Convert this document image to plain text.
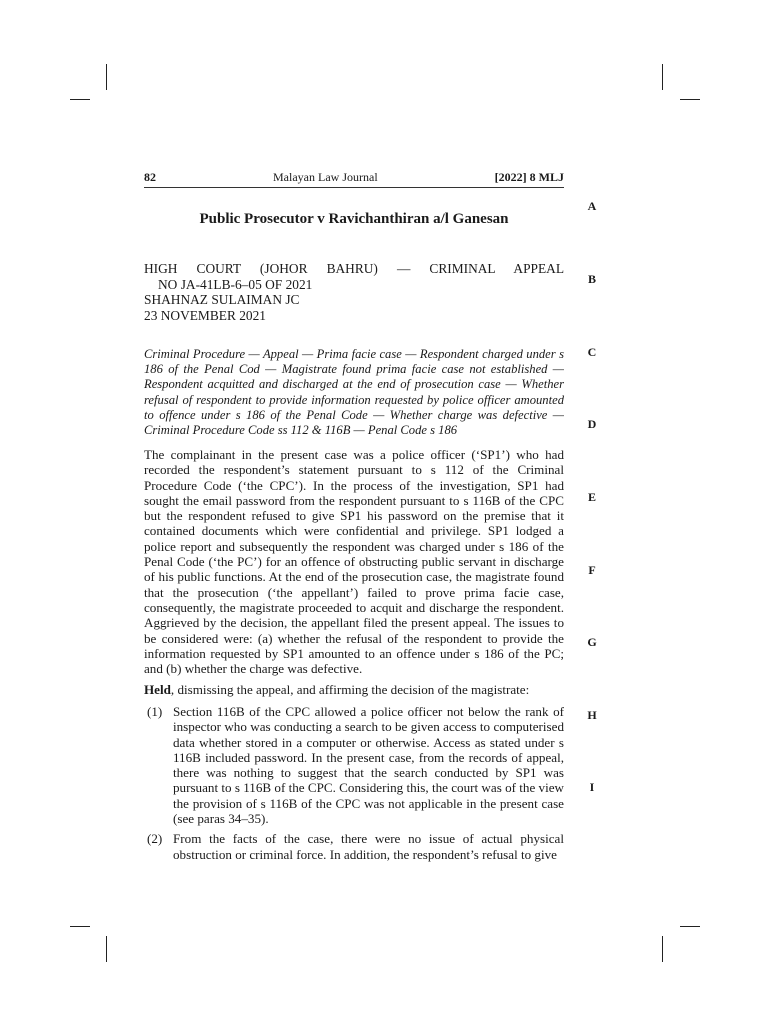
82	Malayan Law Journal	[2022] 8 MLJ
A
B
C
D
E
F
G
H
I
Public Prosecutor v Ravichanthiran a/l Ganesan
HIGH COURT (JOHOR BAHRU) — CRIMINAL APPEAL
NO JA-41LB-6–05 OF 2021
SHAHNAZ SULAIMAN JC
23 NOVEMBER 2021
Criminal Procedure — Appeal — Prima facie case — Respondent charged under s 186 of the Penal Cod — Magistrate found prima facie case not established — Respondent acquitted and discharged at the end of prosecution case — Whether refusal of respondent to provide information requested by police officer amounted to offence under s 186 of the Penal Code — Whether charge was defective — Criminal Procedure Code ss 112 & 116B — Penal Code s 186

The complainant in the present case was a police officer (‘SP1’) who had recorded the respondent’s statement pursuant to s 112 of the Criminal Procedure Code (‘the CPC’). In the process of the investigation, SP1 had sought the email password from the respondent pursuant to s 116B of the CPC but the respondent refused to give SP1 his password on the premise that it contained documents which were confidential and privilege. SP1 lodged a police report and subsequently the respondent was charged under s 186 of the Penal Code (‘the PC’) for an offence of obstructing public servant in discharge of his public functions. At the end of the prosecution case, the magistrate found that the prosecution (‘the appellant’) failed to prove prima facie case, consequently, the magistrate proceeded to acquit and discharge the respondent. Aggrieved by the decision, the appellant filed the present appeal. The issues to be considered were: (a) whether the refusal of the respondent to provide the information requested by SP1 amounted to an offence under s 186 of the PC; and (b) whether the charge was defective.

Held, dismissing the appeal, and affirming the decision of the magistrate:
(1) Section 116B of the CPC allowed a police officer not below the rank of inspector who was conducting a search to be given access to computerised data whether stored in a computer or otherwise. Access as stated under s 116B included password. In the present case, from the records of appeal, there was nothing to suggest that the search conducted by SP1 was pursuant to s 116B of the CPC. Considering this, the court was of the view the provision of s 116B of the CPC was not applicable in the present case (see paras 34–35).
(2) From the facts of the case, there were no issue of actual physical obstruction or criminal force. In addition, the respondent’s refusal to give
